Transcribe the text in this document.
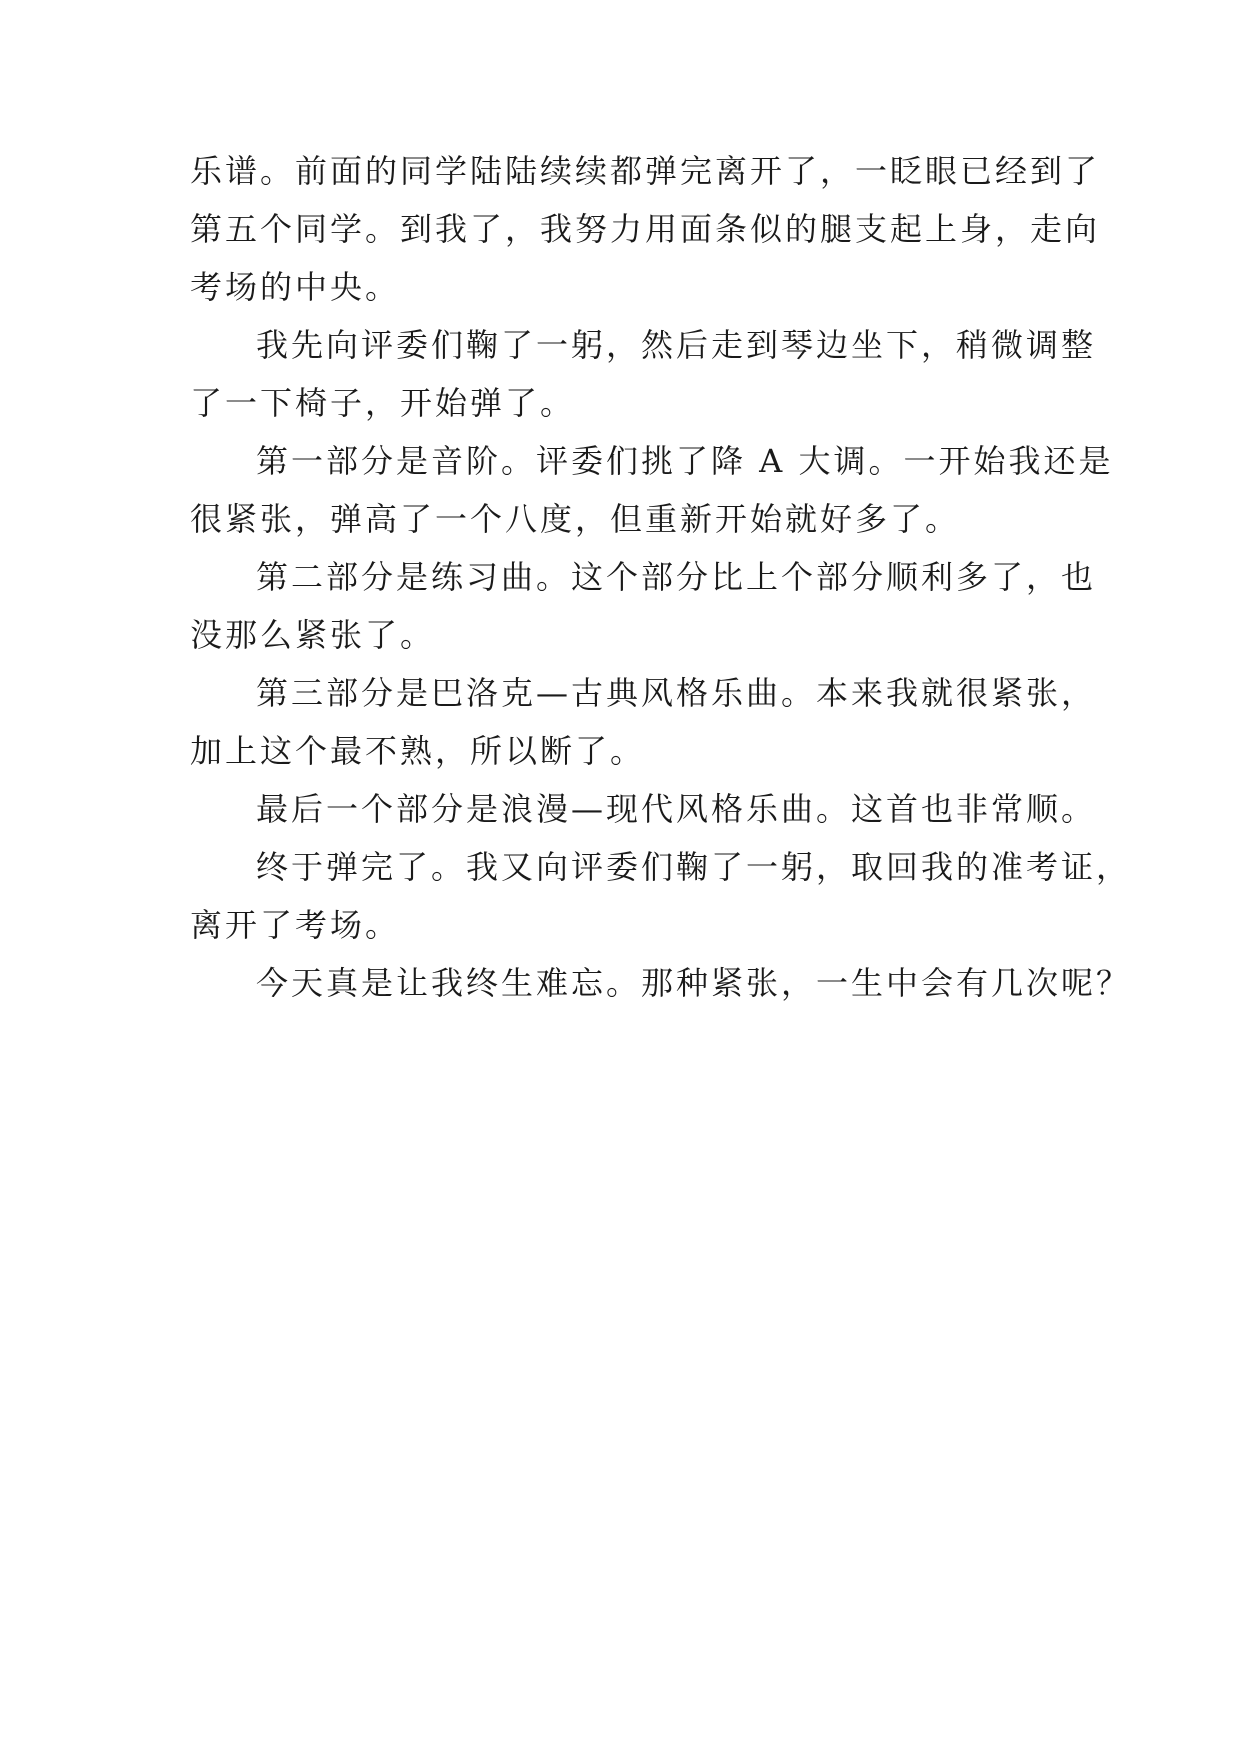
乐谱。前面的同学陆陆续续都弹完离开了，一眨眼已经到了
第五个同学。到我了，我努力用面条似的腿支起上身，走向
考场的中央。
我先向评委们鞠了一躬，然后走到琴边坐下，稍微调整
了一下椅子，开始弹了。
第一部分是音阶。评委们挑了降 A 大调。一开始我还是
很紧张，弹高了一个八度，但重新开始就好多了。
第二部分是练习曲。这个部分比上个部分顺利多了，也
没那么紧张了。
第三部分是巴洛克—古典风格乐曲。本来我就很紧张，
加上这个最不熟，所以断了。
最后一个部分是浪漫—现代风格乐曲。这首也非常顺。
终于弹完了。我又向评委们鞠了一躬，取回我的准考证，
离开了考场。
今天真是让我终生难忘。那种紧张，一生中会有几次呢？
